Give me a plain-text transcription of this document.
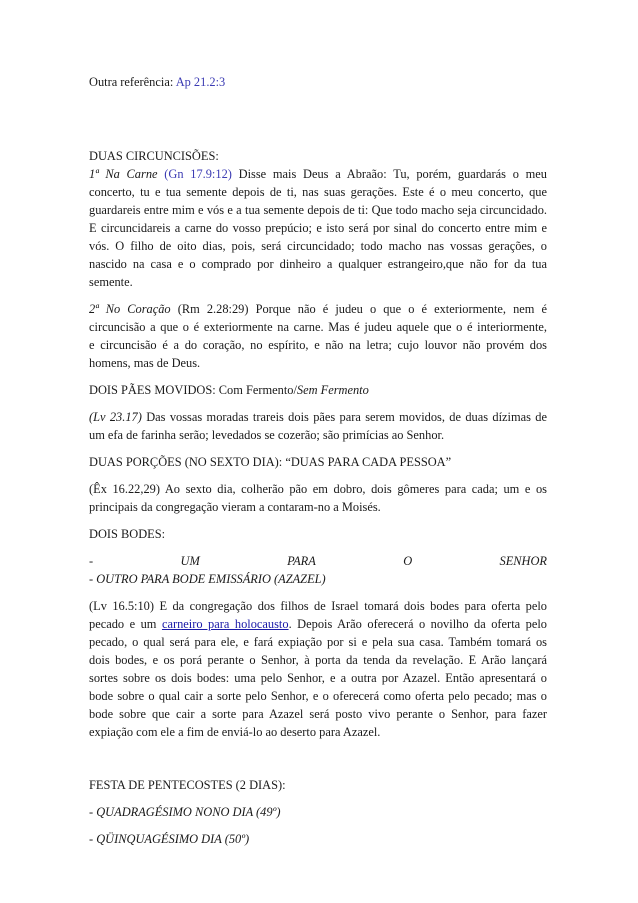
Outra referência: Ap 21.2:3
DUAS CIRCUNCISÕES:
1ª Na Carne (Gn 17.9:12) Disse mais Deus a Abraão: Tu, porém, guardarás o meu
concerto, tu e tua semente depois de ti, nas suas gerações. Este é o meu concerto, que
guardareis entre mim e vós e a tua semente depois de ti: Que todo macho seja circuncidado.
E circuncidareis a carne do vosso prepúcio; e isto será por sinal do concerto entre mim e
vós. O filho de oito dias, pois, será circuncidado; todo macho nas vossas gerações, o
nascido na casa e o comprado por dinheiro a qualquer estrangeiro,que não for da tua
semente.
2ª No Coração (Rm 2.28:29) Porque não é judeu o que o é exteriormente, nem é
circuncisão a que o é exteriormente na carne. Mas é judeu aquele que o é interiormente,
e circuncisão é a do coração, no espírito, e não na letra; cujo louvor não provém dos
homens, mas de Deus.
DOIS PÃES MOVIDOS: Com Fermento/Sem Fermento
(Lv 23.17) Das vossas moradas trareis dois pães para serem movidos, de duas dízimas de
um efa de farinha serão; levedados se cozerão; são primícias ao Senhor.
DUAS PORÇÕES (NO SEXTO DIA): “DUAS PARA CADA PESSOA”
(Êx 16.22,29) Ao sexto dia, colherão pão em dobro, dois gômeres para cada; um e os
principais da congregação vieram a contaram-no a Moisés.
DOIS BODES:
-	UM	PARA	O	SENHOR
- OUTRO PARA BODE EMISSÁRIO (AZAZEL)
(Lv 16.5:10) E da congregação dos filhos de Israel tomará dois bodes para oferta pelo
pecado e um carneiro para holocausto. Depois Arão oferecerá o novilho da oferta pelo
pecado, o qual será para ele, e fará expiação por si e pela sua casa. Também tomará os
dois bodes, e os porá perante o Senhor, à porta da tenda da revelação. E Arão lançará
sortes sobre os dois bodes: uma pelo Senhor, e a outra por Azazel. Então apresentará o
bode sobre o qual cair a sorte pelo Senhor, e o oferecerá como oferta pelo pecado; mas o
bode sobre que cair a sorte para Azazel será posto vivo perante o Senhor, para fazer
expiação com ele a fim de enviá-lo ao deserto para Azazel.
FESTA DE PENTECOSTES (2 DIAS):
- QUADRAGÉSIMO NONO DIA (49º)
- QÜINQUAGÉSIMO DIA (50º)
